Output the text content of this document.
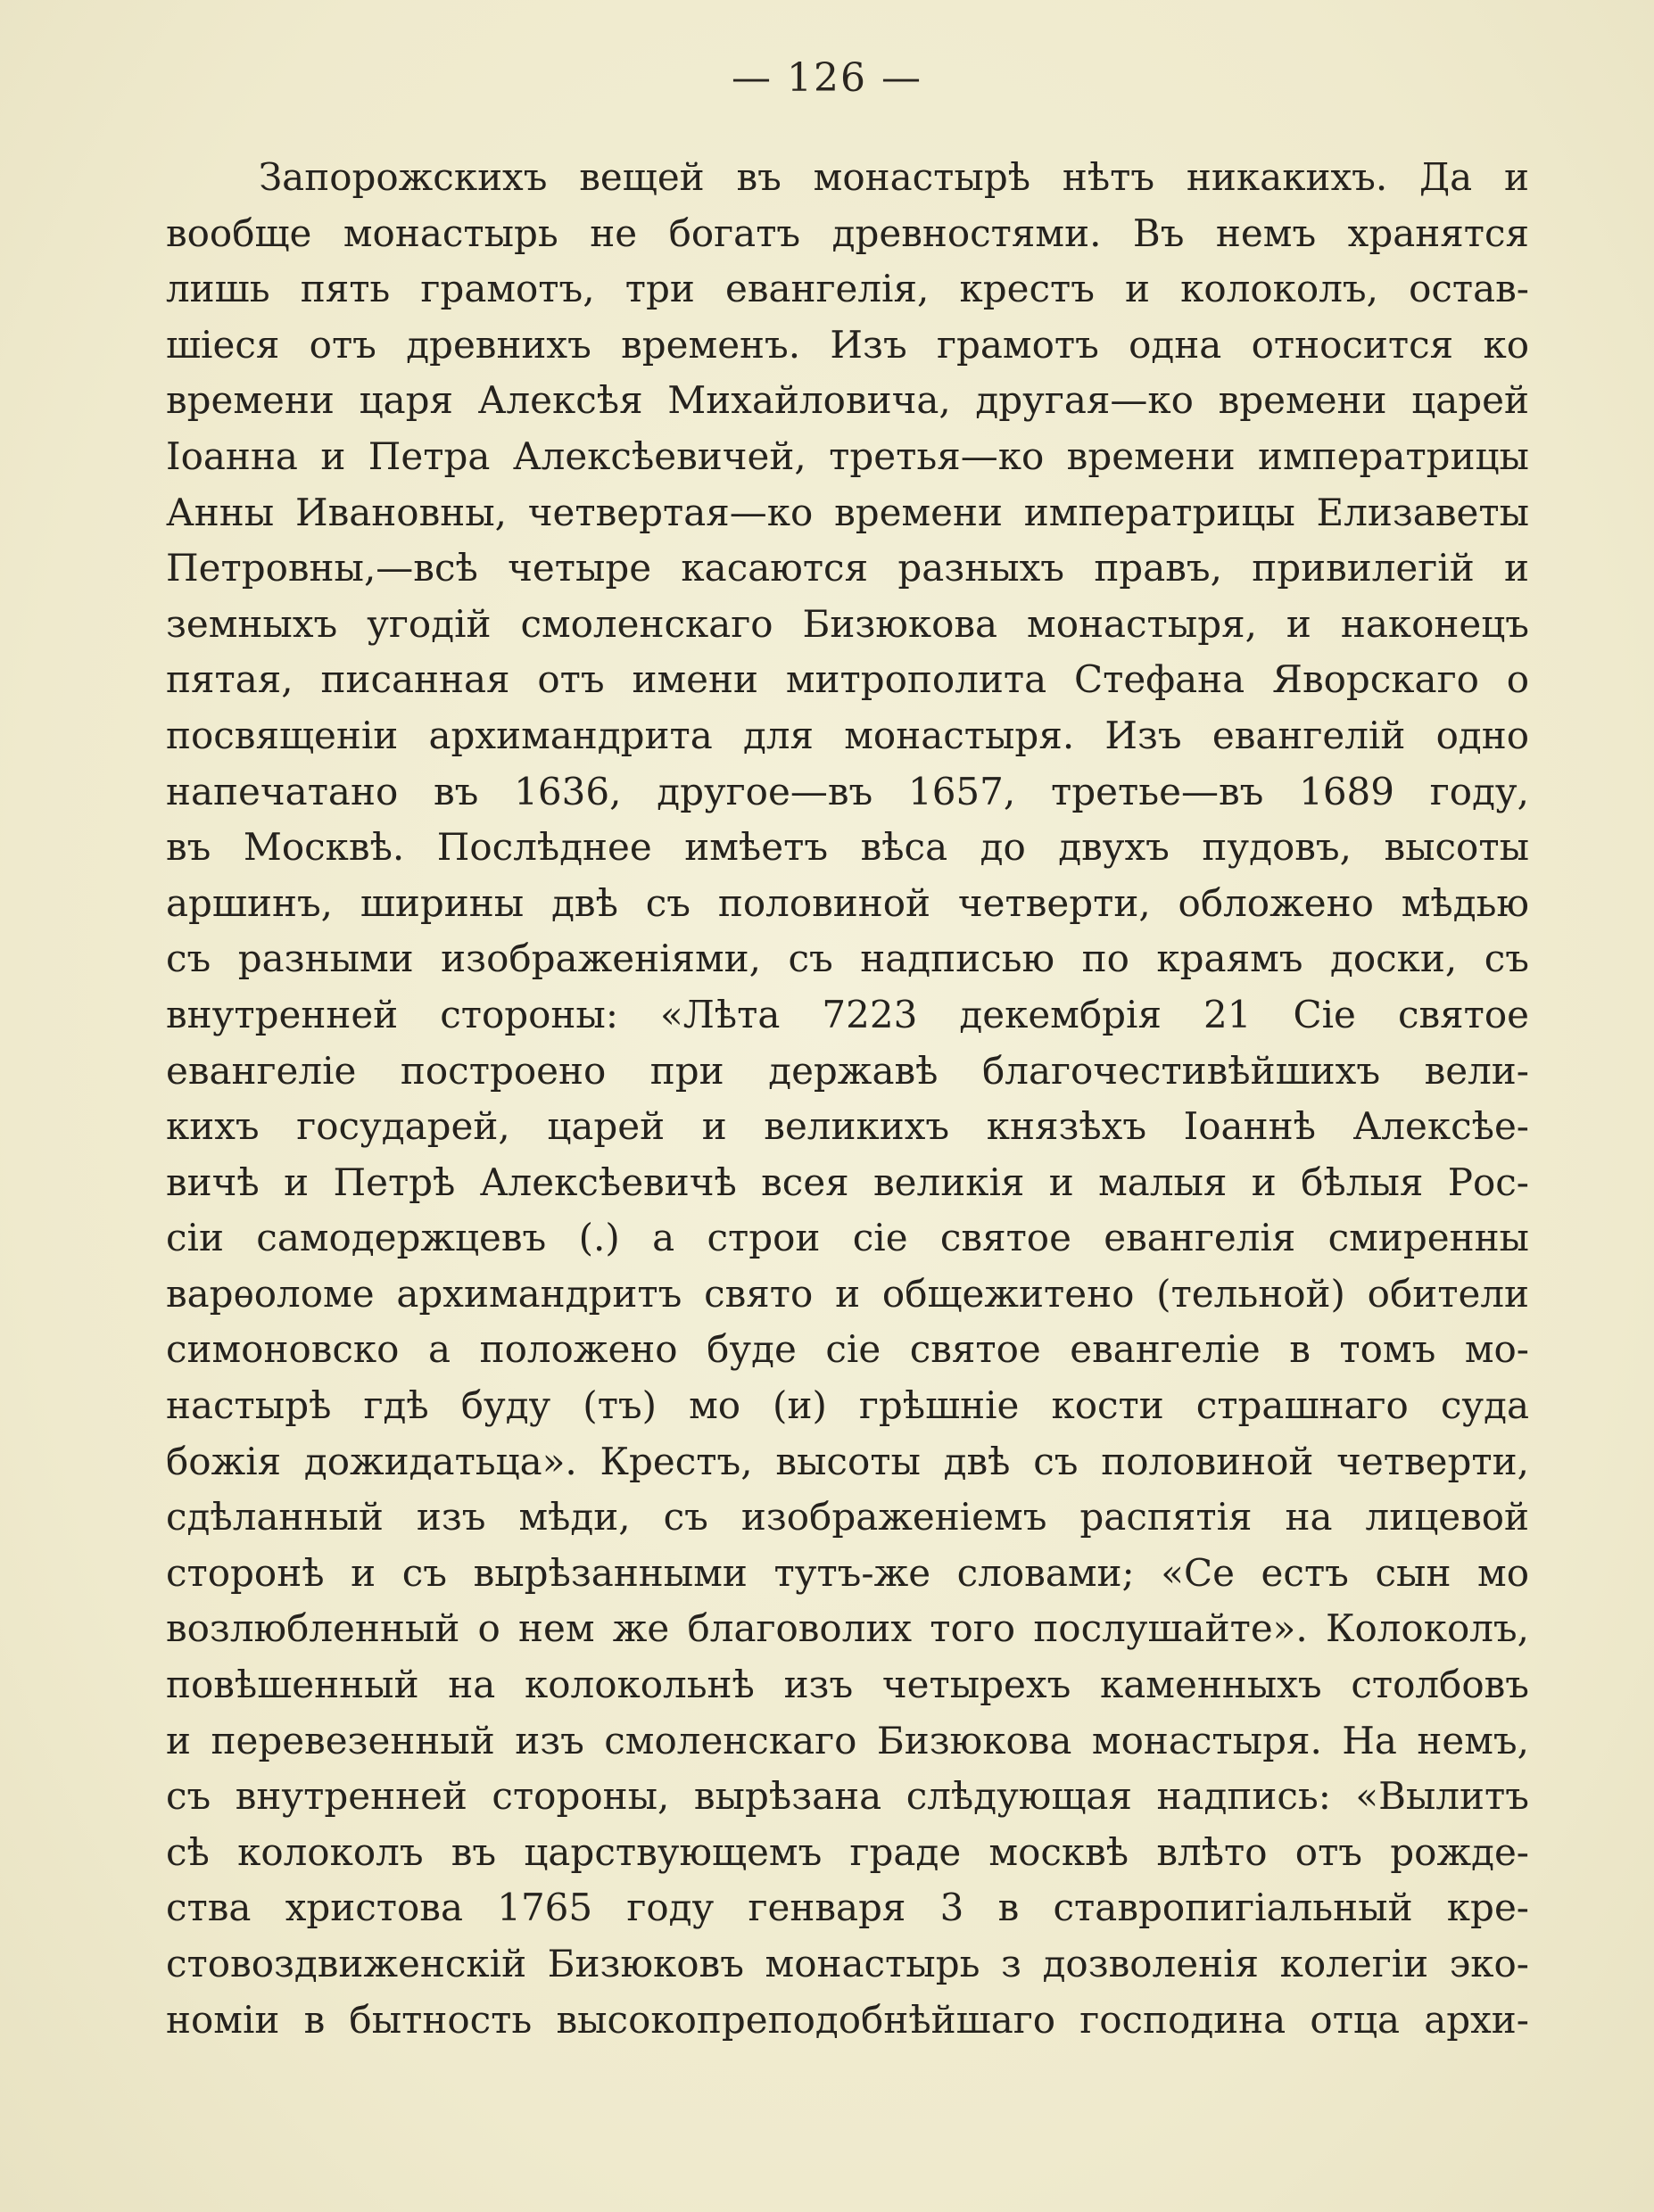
— 126 —
Запорожскихъ вещей въ монастырѣ нѣтъ никакихъ. Да и
вообще монастырь не богатъ древностями. Въ немъ хранятся
лишь пять грамотъ, три евангелія, крестъ и колоколъ, остав-
шіеся отъ древнихъ временъ. Изъ грамотъ одна относится ко
времени царя Алексѣя Михайловича, другая—ко времени царей
Іоанна и Петра Алексѣевичей, третья—ко времени императрицы
Анны Ивановны, четвертая—ко времени императрицы Елизаветы
Петровны,—всѣ четыре касаются разныхъ правъ, привилегій и
земныхъ угодій смоленскаго Бизюкова монастыря, и наконецъ
пятая, писанная отъ имени митрополита Стефана Яворскаго о
посвященіи архимандрита для монастыря. Изъ евангелій одно
напечатано въ 1636, другое—въ 1657, третье—въ 1689 году,
въ Москвѣ. Послѣднее имѣетъ вѣса до двухъ пудовъ, высоты
аршинъ, ширины двѣ съ половиной четверти, обложено мѣдью
съ разными изображеніями, съ надписью по краямъ доски, съ
внутренней стороны: «Лѣта 7223 декембрія 21 Сіе святое
евангеліе построено при державѣ благочестивѣйшихъ вели-
кихъ государей, царей и великихъ князѣхъ Іоаннѣ Алексѣе-
вичѣ и Петрѣ Алексѣевичѣ всея великія и малыя и бѣлыя Рос-
сіи самодержцевъ (.) а строи сіе святое евангелія смиренны
варѳоломе архимандритъ свято и общежитено (тельной) обители
симоновско а положено буде сіе святое евангеліе в томъ мо-
настырѣ гдѣ буду (тъ) мо (и) грѣшніе кости страшнаго суда
божія дожидатьца». Крестъ, высоты двѣ съ половиной четверти,
сдѣланный изъ мѣди, съ изображеніемъ распятія на лицевой
сторонѣ и съ вырѣзанными тутъ-же словами; «Се естъ сын мо
возлюбленный о нем же благоволих того послушайте». Колоколъ,
повѣшенный на колокольнѣ изъ четырехъ каменныхъ столбовъ
и перевезенный изъ смоленскаго Бизюкова монастыря. На немъ,
съ внутренней стороны, вырѣзана слѣдующая надпись: «Вылитъ
сѣ колоколъ въ царствующемъ граде москвѣ влѣто отъ рожде-
ства христова 1765 году генваря 3 в ставропигіальный кре-
стовоздвиженскій Бизюковъ монастырь з дозволенія колегіи эко-
номіи в бытность высокопреподобнѣйшаго господина отца архи-
